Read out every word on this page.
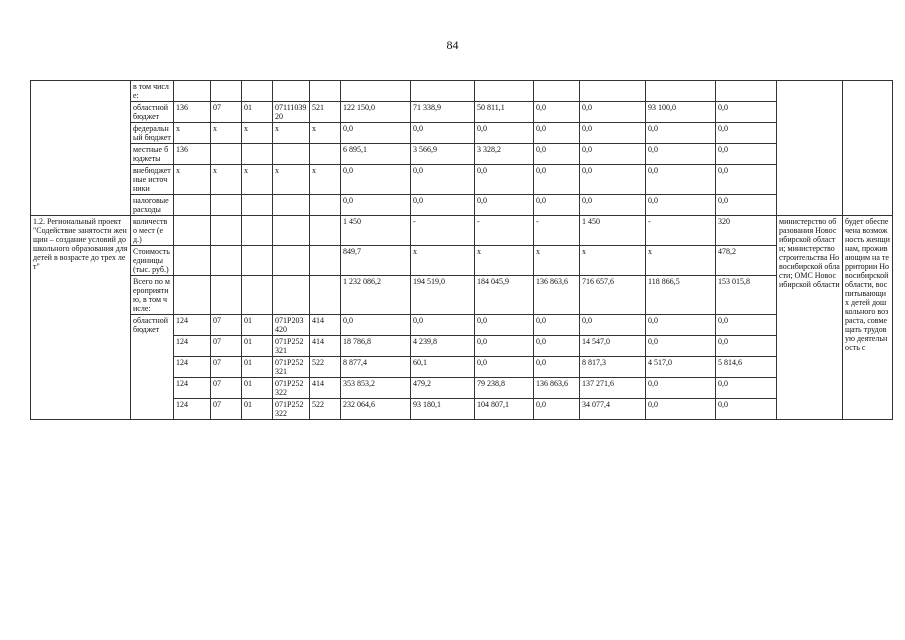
84
	в том числе:														
	областной бюджет	136	07	01	0711103920	521	122 150,0	71 338,9	50 811,1	0,0	0,0	93 100,0	0,0		
	федеральный бюджет	x	x	x	x	x	0,0	0,0	0,0	0,0	0,0	0,0	0,0		
	местные бюджеты	136					6 895,1	3 566,9	3 328,2	0,0	0,0	0,0	0,0		
	внебюджетные источники	x	x	x	x	x	0,0	0,0	0,0	0,0	0,0	0,0	0,0		
	налоговые расходы						0,0	0,0	0,0	0,0	0,0	0,0	0,0		
1.2. Региональный проект "Содействие занятости женщин – создание условий дошкольного образования для детей в возрасте до трех лет"	количество мест (ед.)						1 450	-	-	-	1 450	-	320	министерство образования Новосибирской области; министерство строительства Новосибирской области; ОМС Новосибирской области	будет обеспечена возможность женщинам, проживающим на территории Новосибирской области, воспитывающих детей дошкольного возраста, совмещать трудовую деятельность с
	Стоимость единицы (тыс. руб.)						849,7	x	x	x	x	x	478,2		
	Всего по мероприятию, в том числе:						1 232 086,2	194 519,0	184 045,9	136 863,6	716 657,6	118 866,5	153 015,8		
	областной бюджет	124	07	01	071P203420	414	0,0	0,0	0,0	0,0	0,0	0,0	0,0		
		124	07	01	071P252321	414	18 786,8	4 239,8	0,0	0,0	14 547,0	0,0	0,0		
		124	07	01	071P252321	522	8 877,4	60,1	0,0	0,0	8 817,3	4 517,0	5 814,6		
		124	07	01	071P252322	414	353 853,2	479,2	79 238,8	136 863,6	137 271,6	0,0	0,0		
		124	07	01	071P252322	522	232 064,6	93 180,1	104 807,1	0,0	34 077,4	0,0	0,0		
